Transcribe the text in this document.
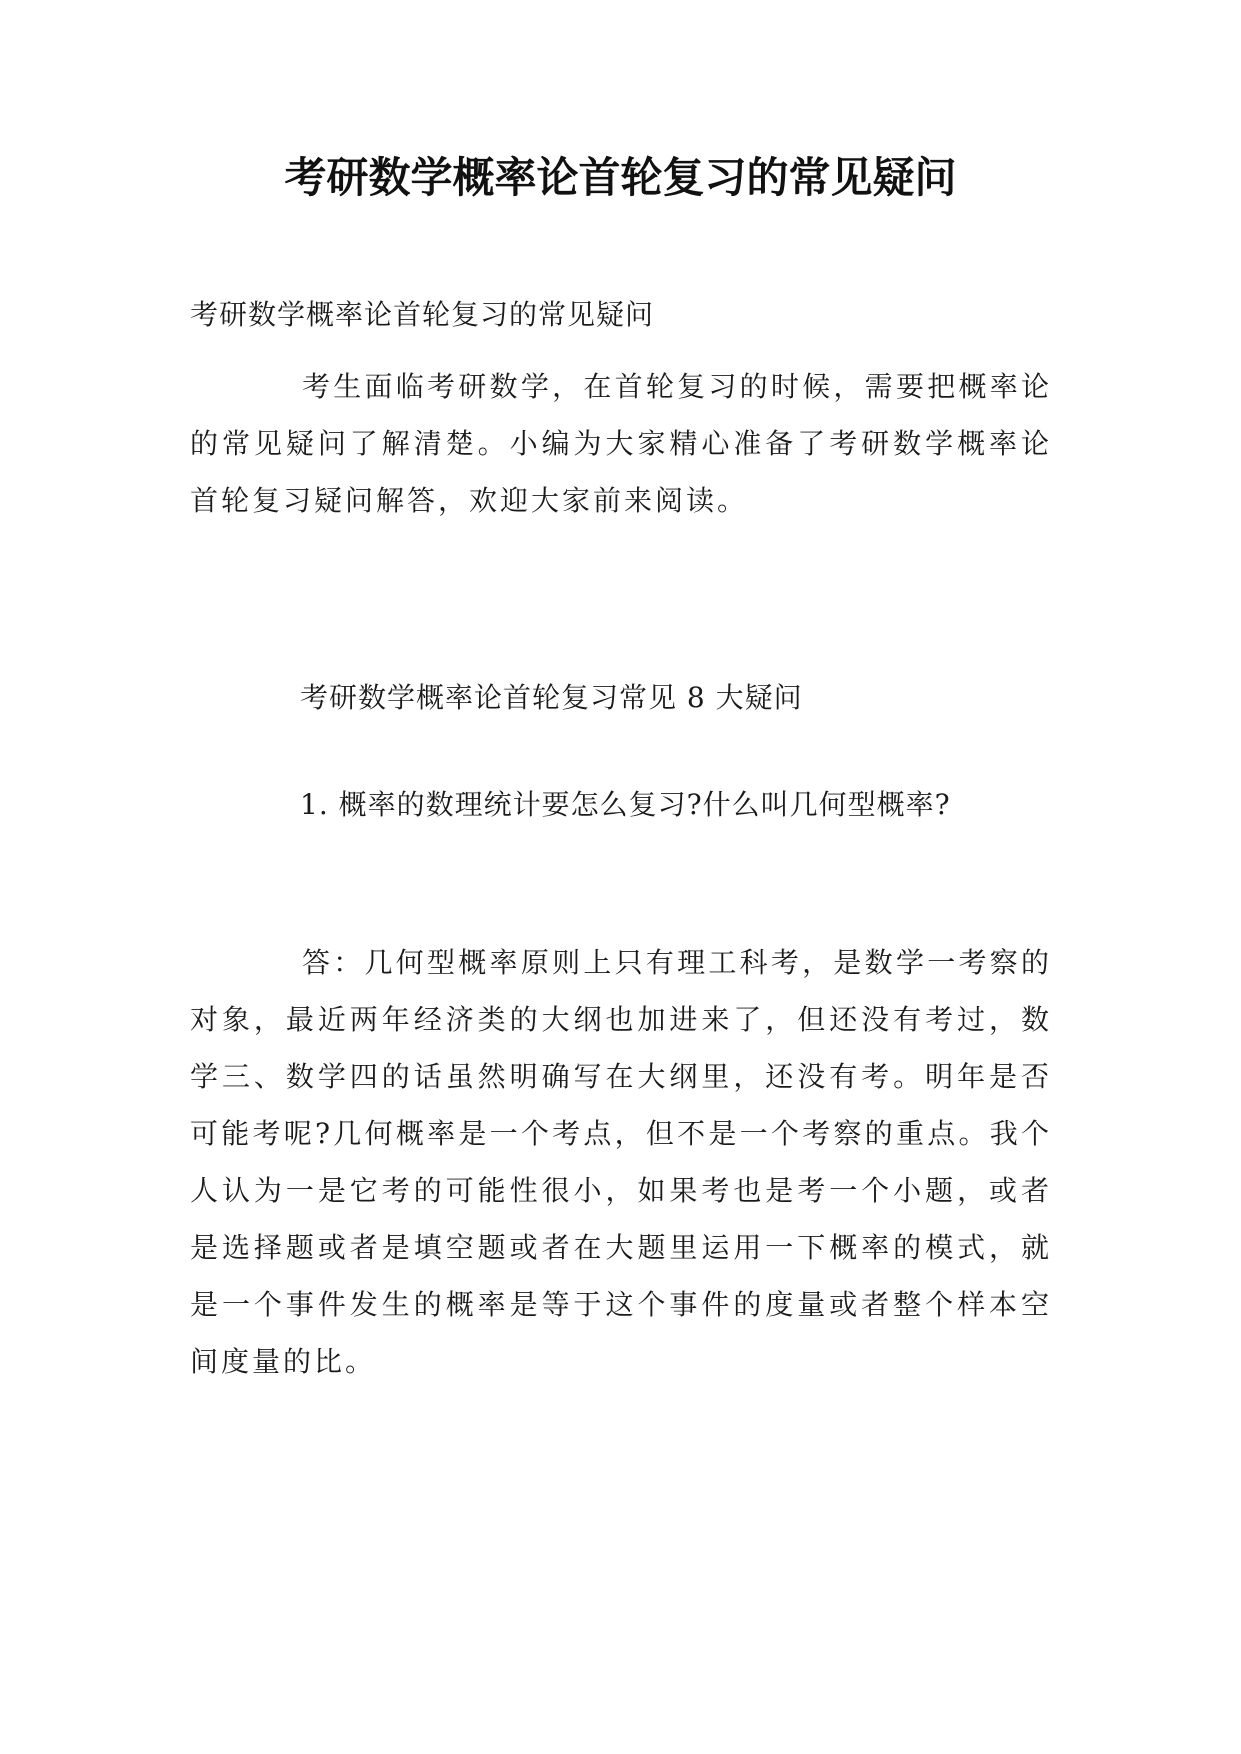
考研数学概率论首轮复习的常见疑问
考研数学概率论首轮复习的常见疑问

考生面临考研数学，在首轮复习的时候，需要把概率论的常见疑问了解清楚。小编为大家精心准备了考研数学概率论首轮复习疑问解答，欢迎大家前来阅读。

考研数学概率论首轮复习常见 8 大疑问
1. 概率的数理统计要怎么复习?什么叫几何型概率?

答：几何型概率原则上只有理工科考，是数学一考察的对象，最近两年经济类的大纲也加进来了，但还没有考过，数学三、数学四的话虽然明确写在大纲里，还没有考。明年是否可能考呢?几何概率是一个考点，但不是一个考察的重点。我个人认为一是它考的可能性很小，如果考也是考一个小题，或者是选择题或者是填空题或者在大题里运用一下概率的模式，就是一个事件发生的概率是等于这个事件的度量或者整个样本空间度量的比。
